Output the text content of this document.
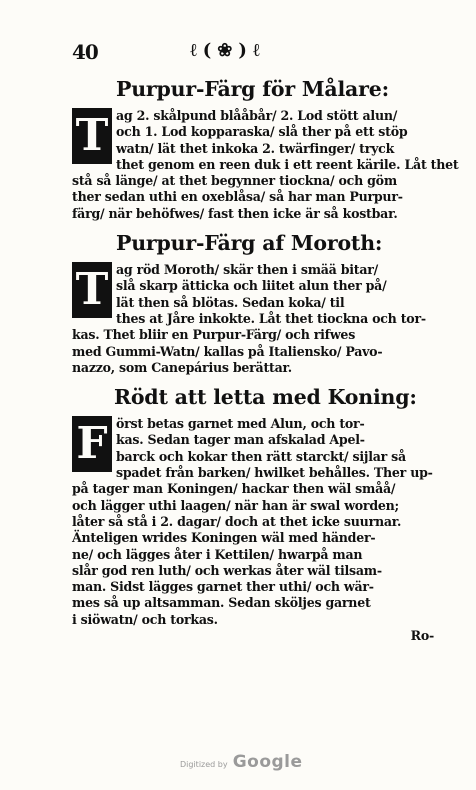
40	ℓ(❀)ℓ
Purpur-Färg för Målare:
T ag 2. skålpund blååbår/ 2. Lod stött alun/
och 1. Lod kopparaska/ slå ther på ett stöp
watn/ lät thet inkoka 2. twärfinger/ tryck
thet genom en reen duk i ett reent kärile. Låt thet
stå så länge/ at thet begynner tiockna/ och göm
ther sedan uthi en oxeblåsa/ så har man Purpur-
färg/ när behöfwes/ fast then icke är så kostbar.
Purpur-Färg af Moroth:
T ag röd Moroth/ skär then i smää bitar/
slå skarp ätticka och liitet alun ther på/
lät then så blötas. Sedan koka/ til
thes at Jåre inkokte. Låt thet tiockna och tor-
kas. Thet bliir en Purpur-Färg/ och rifwes
med Gummi-Watn/ kallas på Italiensko/ Pavo-
nazzo, som Canepárius berättar.
Rödt att letta med Koning:
F örst betas garnet med Alun, och tor-
kas. Sedan tager man afskalad Apel-
barck och kokar then rätt starckt/ sijlar så
spadet från barken/ hwilket behålles. Ther up-
på tager man Koningen/ hackar then wäl småå/
och lägger uthi laagen/ när han är swal worden;
låter så stå i 2. dagar/ doch at thet icke suurnar.
Änteligen wrides Koningen wäl med händer-
ne/ och lägges åter i Kettilen/ hwarpå man
slår god ren luth/ och werkas åter wäl tilsam-
man. Sidst lägges garnet ther uthi/ och wär-
mes så up altsamman. Sedan sköljes garnet
i siöwatn/ och torkas.
Ro-
Digitized by Google
